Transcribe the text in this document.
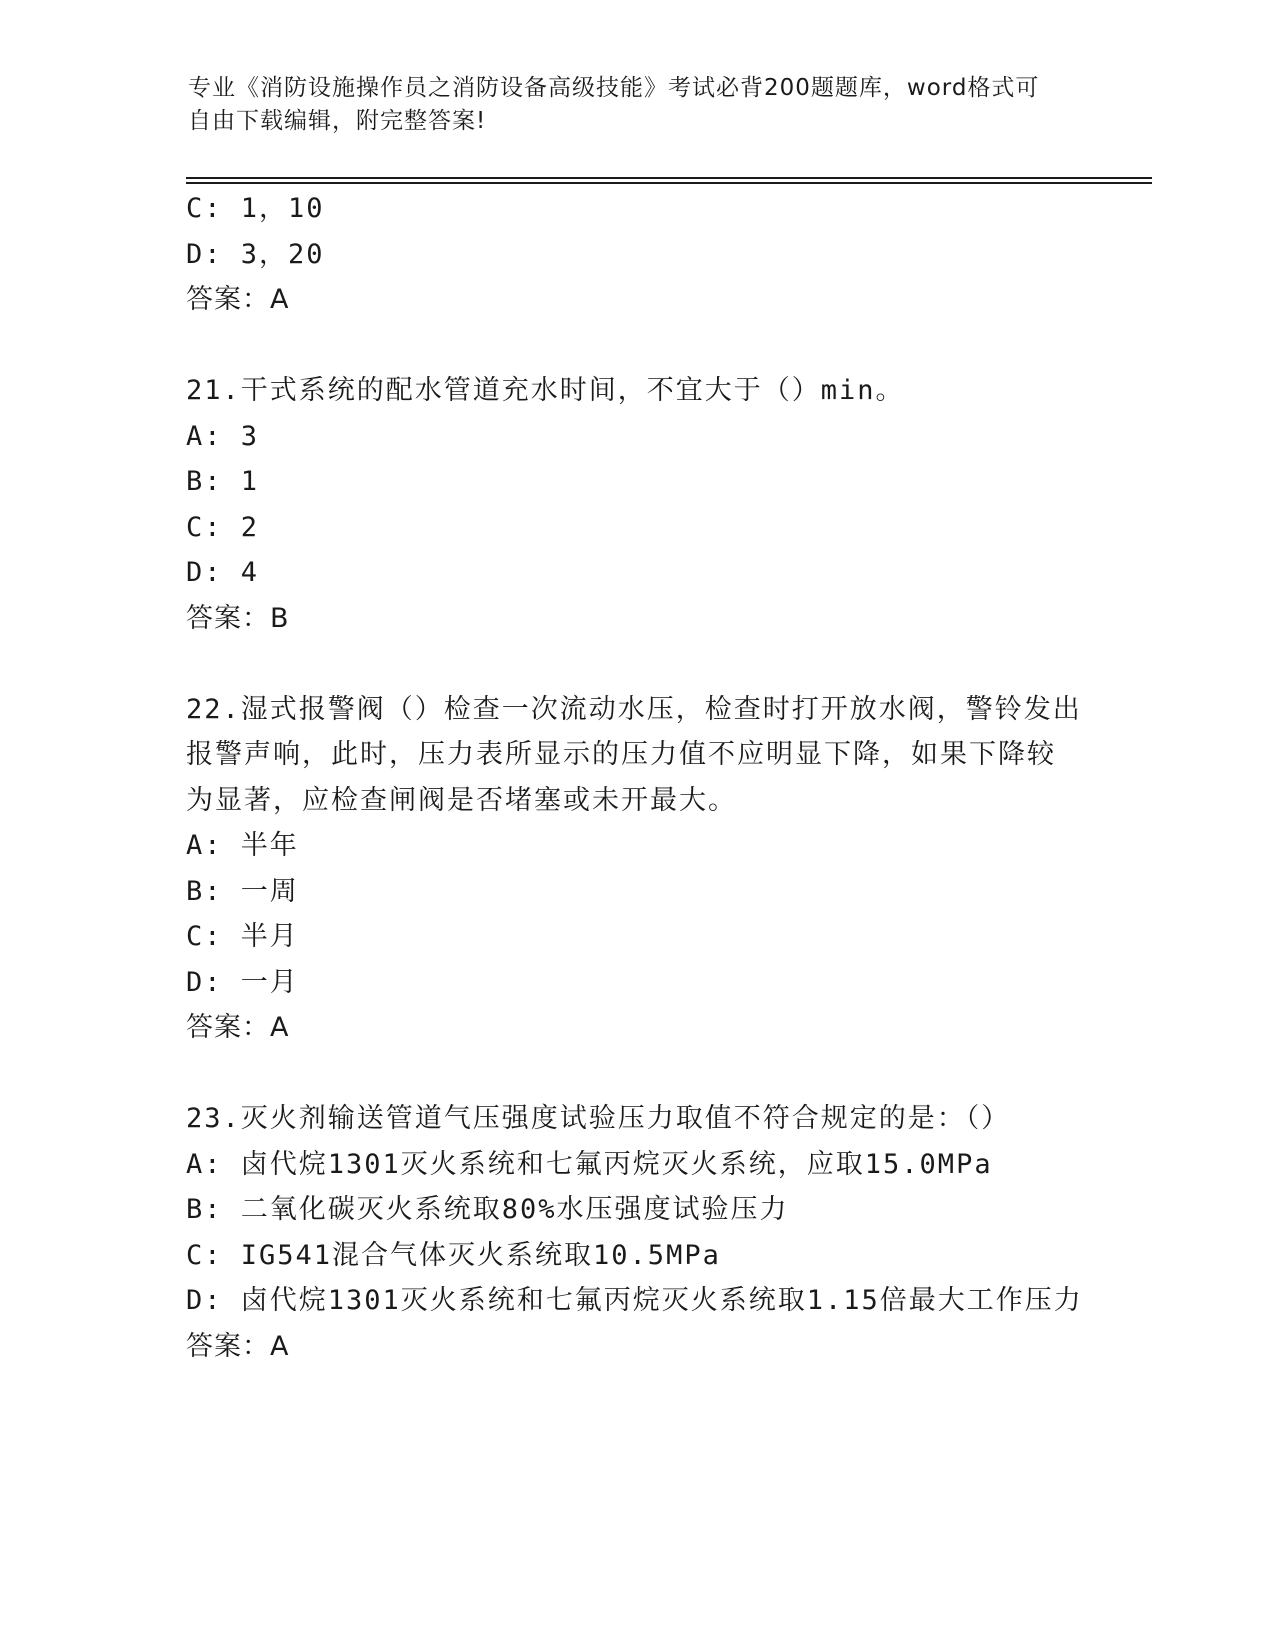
专业《消防设施操作员之消防设备高级技能》考试必背200题题库，word格式可
自由下载编辑，附完整答案!
C: 1，10
D: 3，20
答案：A
21.干式系统的配水管道充水时间，不宜大于（）min。
A: 3
B: 1
C: 2
D: 4
答案：B
22.湿式报警阀（）检查一次流动水压，检查时打开放水阀，警铃发出
报警声响，此时，压力表所显示的压力值不应明显下降，如果下降较
为显著，应检查闸阀是否堵塞或未开最大。
A: 半年
B: 一周
C: 半月
D: 一月
答案：A
23.灭火剂输送管道气压强度试验压力取值不符合规定的是：（）
A: 卤代烷1301灭火系统和七氟丙烷灭火系统，应取15.0MPa
B: 二氧化碳灭火系统取80%水压强度试验压力
C: IG541混合气体灭火系统取10.5MPa
D: 卤代烷1301灭火系统和七氟丙烷灭火系统取1.15倍最大工作压力
答案：A
